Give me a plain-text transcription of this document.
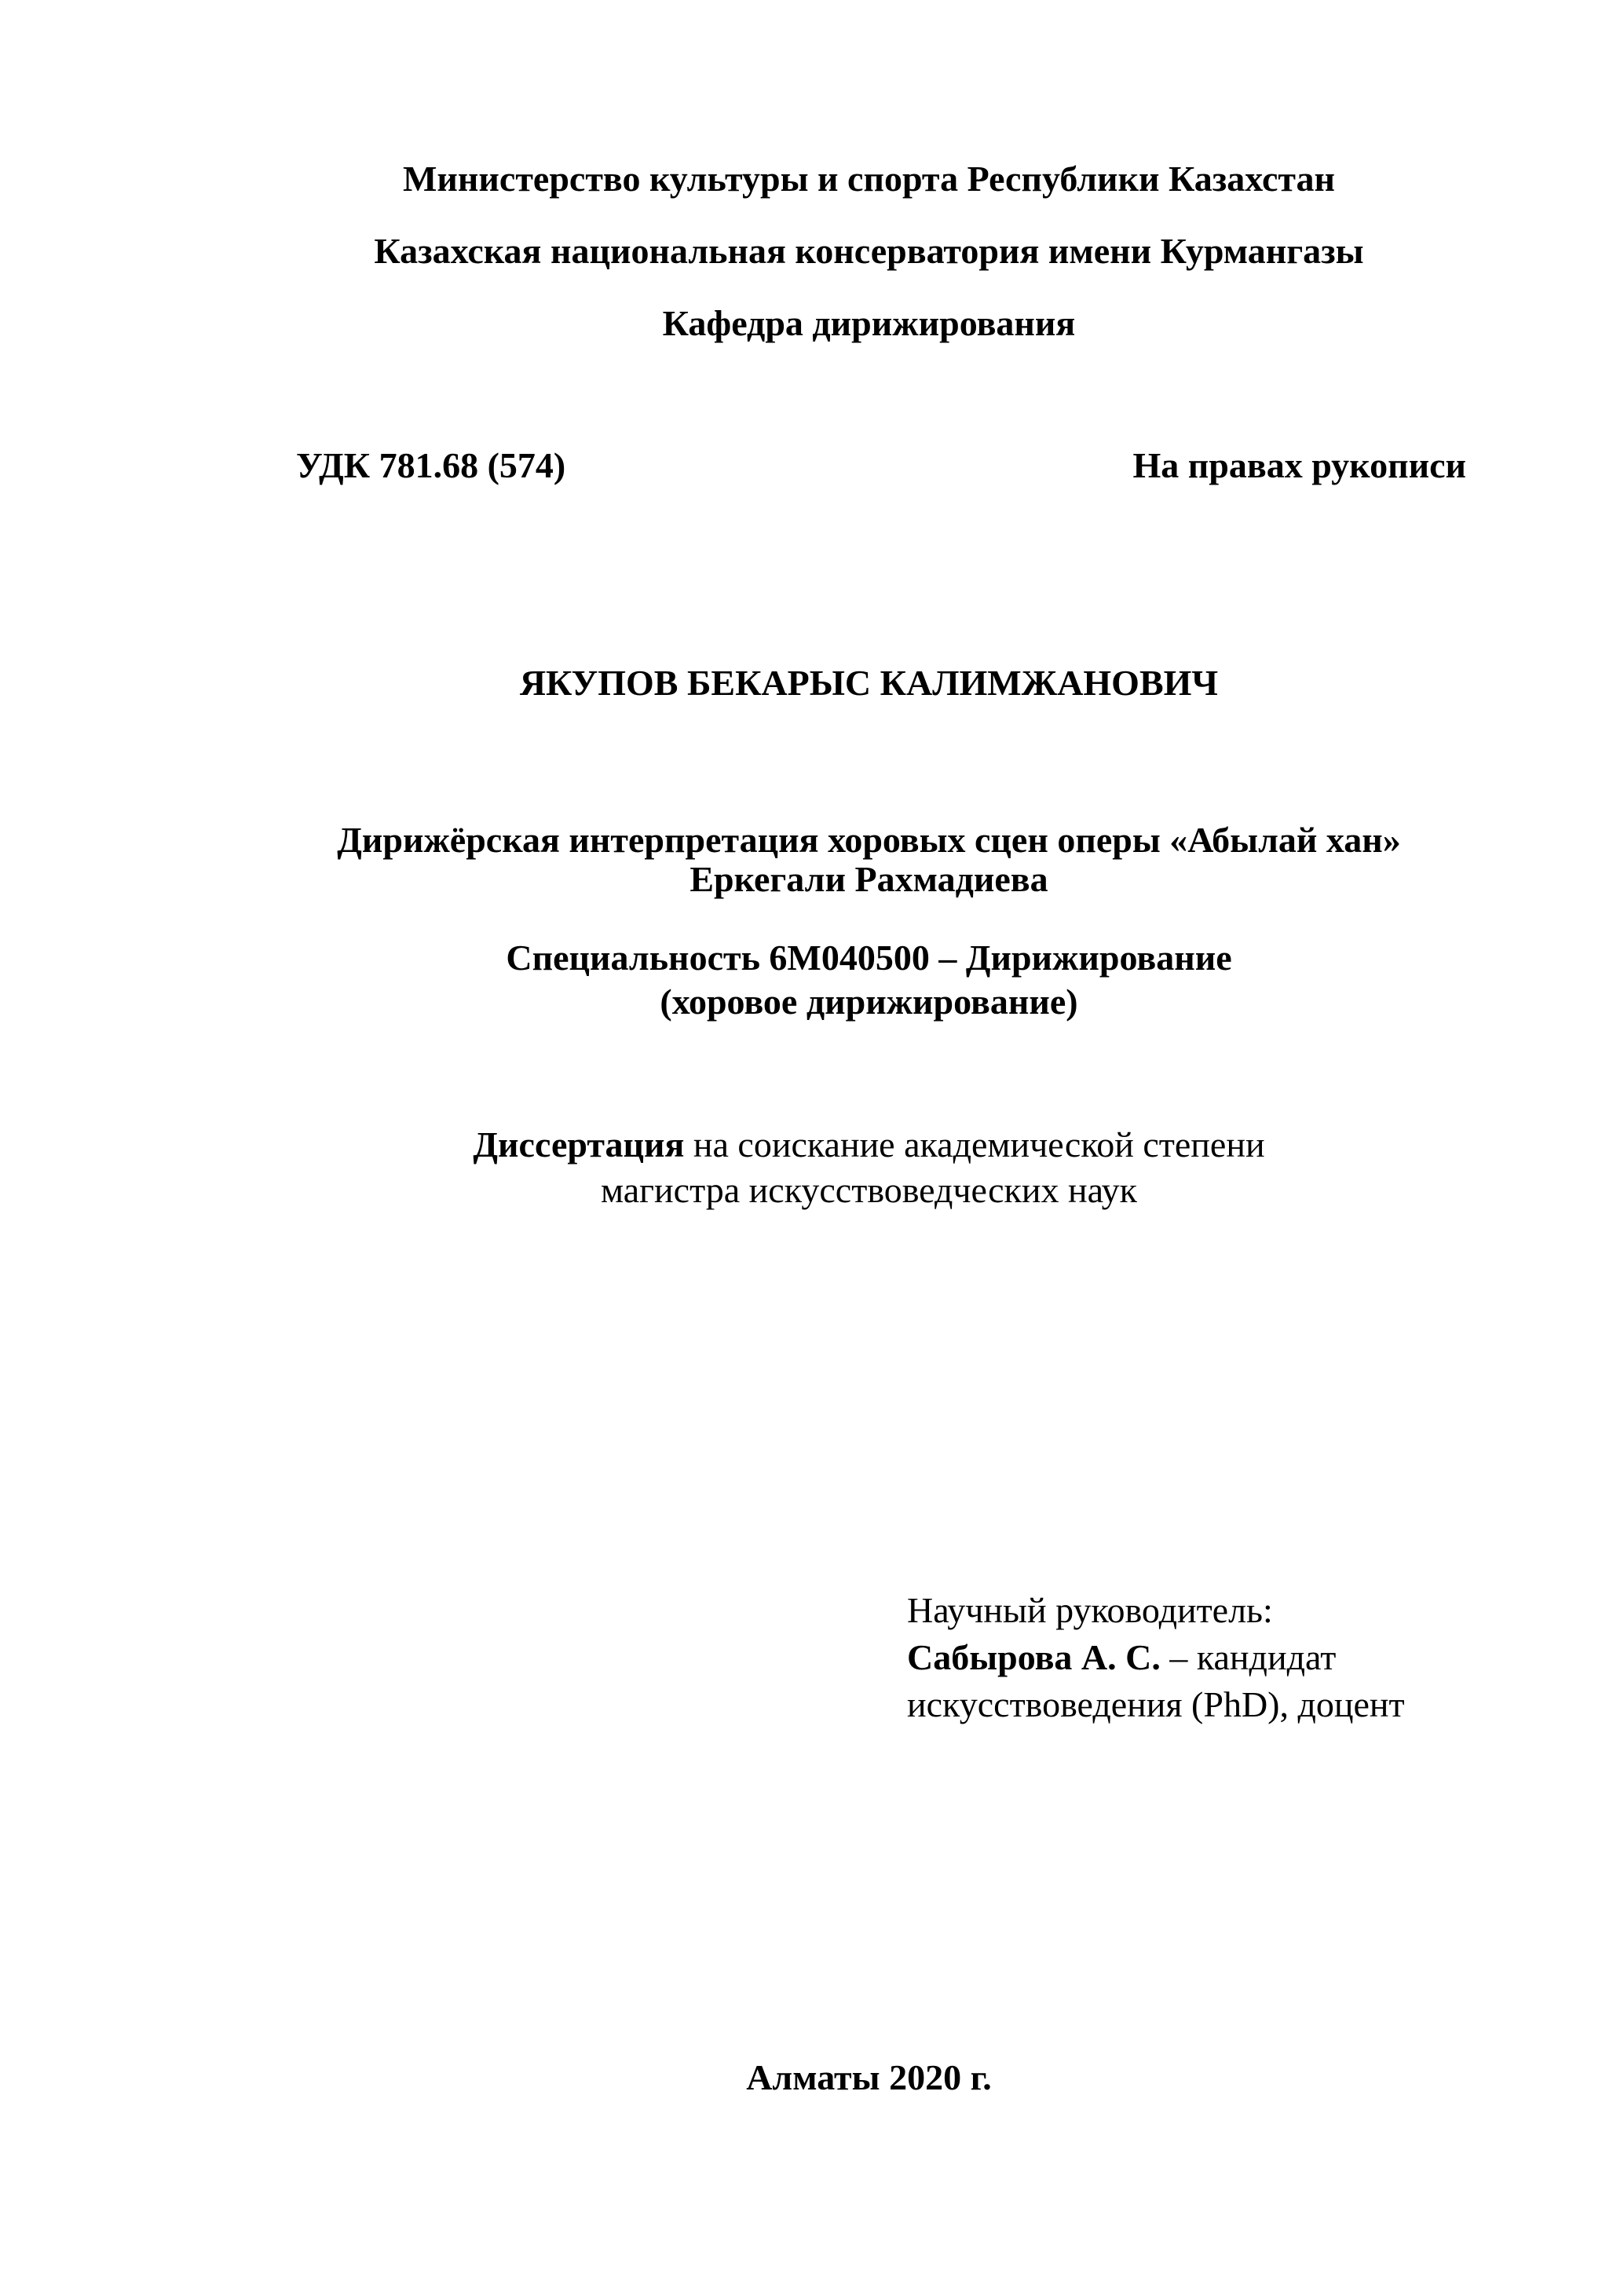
Министерство культуры и спорта Республики Казахстан
Казахская национальная консерватория имени Курмангазы
Кафедра дирижирования
УДК 781.68 (574)	На правах рукописи
ЯКУПОВ БЕКАРЫС КАЛИМЖАНОВИЧ
Дирижёрская интерпретация хоровых сцен оперы «Абылай хан»
Еркегали Рахмадиева
Специальность 6М040500 – Дирижирование
(хоровое дирижирование)
Диссертация на соискание академической степени
магистра искусствоведческих наук
Научный руководитель:
Сабырова А. С. – кандидат
искусствоведения (PhD), доцент
Алматы 2020 г.
